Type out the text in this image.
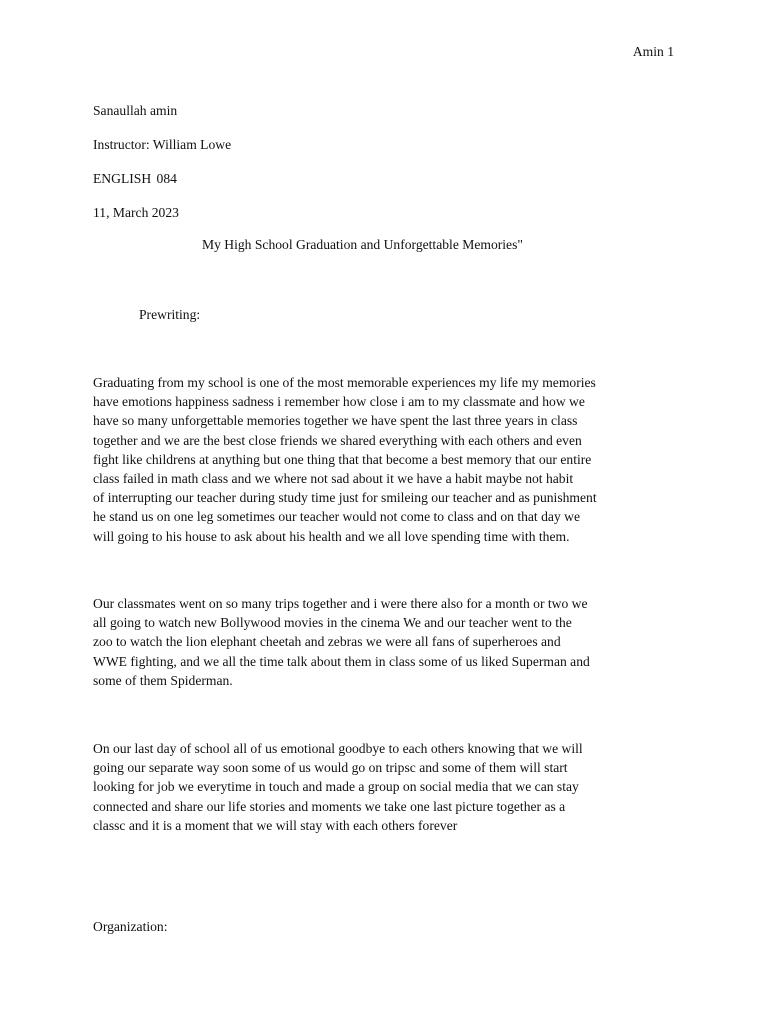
Amin 1
Sanaullah amin
Instructor: William Lowe
ENGLISH 084
11, March 2023
My High School Graduation and Unforgettable Memories"
Prewriting:
Graduating from my school is one of the most memorable experiences my life my memories
have emotions happiness sadness i remember how close i am to my classmate and how we
have so many unforgettable memories together we have spent the last three years in class
together and we are the best close friends we shared everything with each others and even
fight like childrens at anything but one thing that that become a best memory that our entire
class failed in math class and we where not sad about it we have a habit maybe not habit
of interrupting our teacher during study time just for smileing our teacher and as punishment
he stand us on one leg sometimes our teacher would not come to class and on that day we
will going to his house to ask about his health and we all love spending time with them.
Our classmates went on so many trips together and i were there also for a month or two we
all going to watch new Bollywood movies in the cinema We and our teacher went to the
zoo to watch the lion elephant cheetah and zebras we were all fans of superheroes and
WWE fighting, and we all the time talk about them in class some of us liked Superman and
some of them Spiderman.
On our last day of school all of us emotional goodbye to each others knowing that we will
going our separate way soon some of us would go on tripsc and some of them will start
looking for job we everytime in touch and made a group on social media that we can stay
connected and share our life stories and moments we take one last picture together as a
classc and it is a moment that we will stay with each others forever
Organization:
